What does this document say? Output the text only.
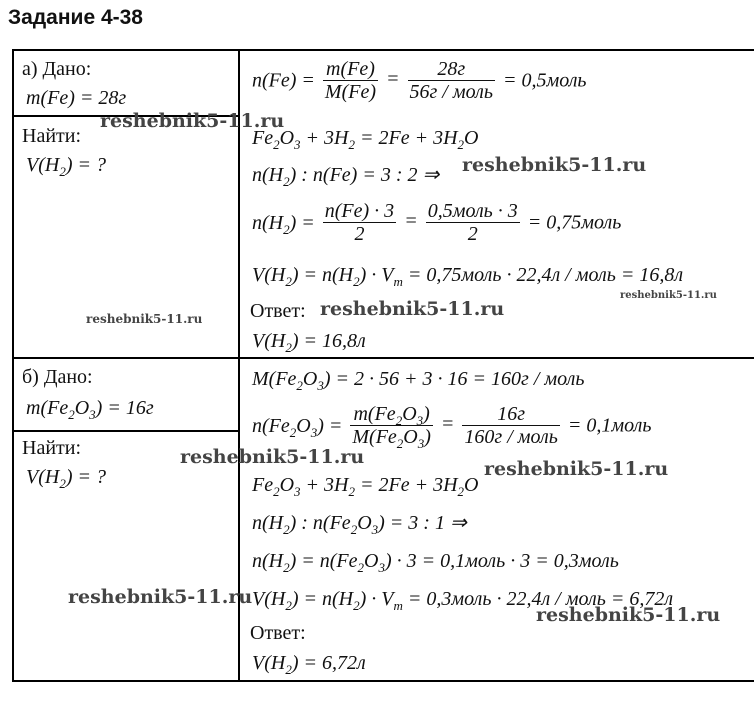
Задание 4-38
а) Дано:
m(Fe) = 28г
Найти:
$V(H_2)$ = ?
$n(Fe) = \frac{m(Fe)}{M(Fe)} = \frac{28г}{\text{56г / моль}}$ = 0,5моль
$Fe_2O_3 + 3H_2 = 2Fe + 3H_2O$
$n(H_2)$ : n(Fe) = 3 : 2 ⇒
$n(H_2) = \frac{n(Fe) \cdot 3}{2} = \frac{\text{0,5моль · 3}}{2}$ = 0,75моль
$V(H_2) = n(H_2) \cdot V_m$ = 0,75моль · 22,4л / моль = 16,8л
Ответ:
$V(H_2) = 16,8л$
б) Дано:
$m(Fe_2O_3) = 16г$
Найти:
$V(H_2)$ = ?
$M(Fe_2O_3) = 2 \cdot 56 + 3 \cdot 16 = 160г$ / моль
$n(Fe_2O_3) = \frac{m(Fe_2O_3)}{M(Fe_2O_3)} = \frac{16г}{\text{160г / моль}}$ = 0,1моль
$Fe_2O_3 + 3H_2 = 2Fe + 3H_2O$
$n(H_2)$ : $n(Fe_2O_3) = 3$ : 1 ⇒
$n(H_2) = n(Fe_2O_3) \cdot 3$ = 0,1моль · 3 = 0,3моль
$V(H_2) = n(H_2) \cdot V_m$ = 0,3моль · 22,4л / моль = 6,72л
Ответ:
$V(H_2) = 6,72л$
reshebnik5-11.ru
reshebnik5-11.ru
reshebnik5-11.ru
reshebnik5-11.ru
reshebnik5-11.ru
reshebnik5-11.ru
reshebnik5-11.ru
reshebnik5-11.ru
reshebnik5-11.ru
